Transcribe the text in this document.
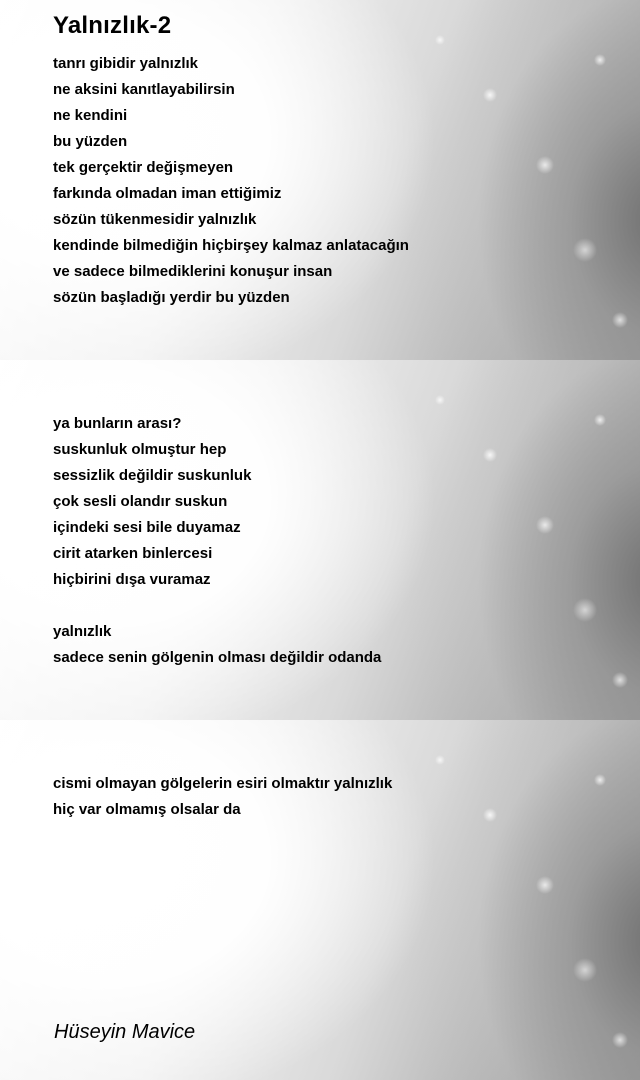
Yalnızlık-2
tanrı gibidir yalnızlık
ne aksini kanıtlayabilirsin
ne kendini
bu yüzden
tek gerçektir değişmeyen
farkında olmadan iman ettiğimiz
sözün tükenmesidir yalnızlık
kendinde bilmediğin hiçbirşey kalmaz anlatacağın
ve sadece bilmediklerini konuşur insan
sözün başladığı yerdir bu yüzden
ya bunların arası?
suskunluk olmuştur hep
sessizlik değildir suskunluk
çok sesli olandır suskun
içindeki sesi bile duyamaz
cirit atarken binlercesi
hiçbirini dışa vuramaz
yalnızlık
sadece senin gölgenin olması değildir odanda
cismi olmayan gölgelerin esiri olmaktır yalnızlık
hiç var olmamış olsalar da

Hüseyin Mavice
